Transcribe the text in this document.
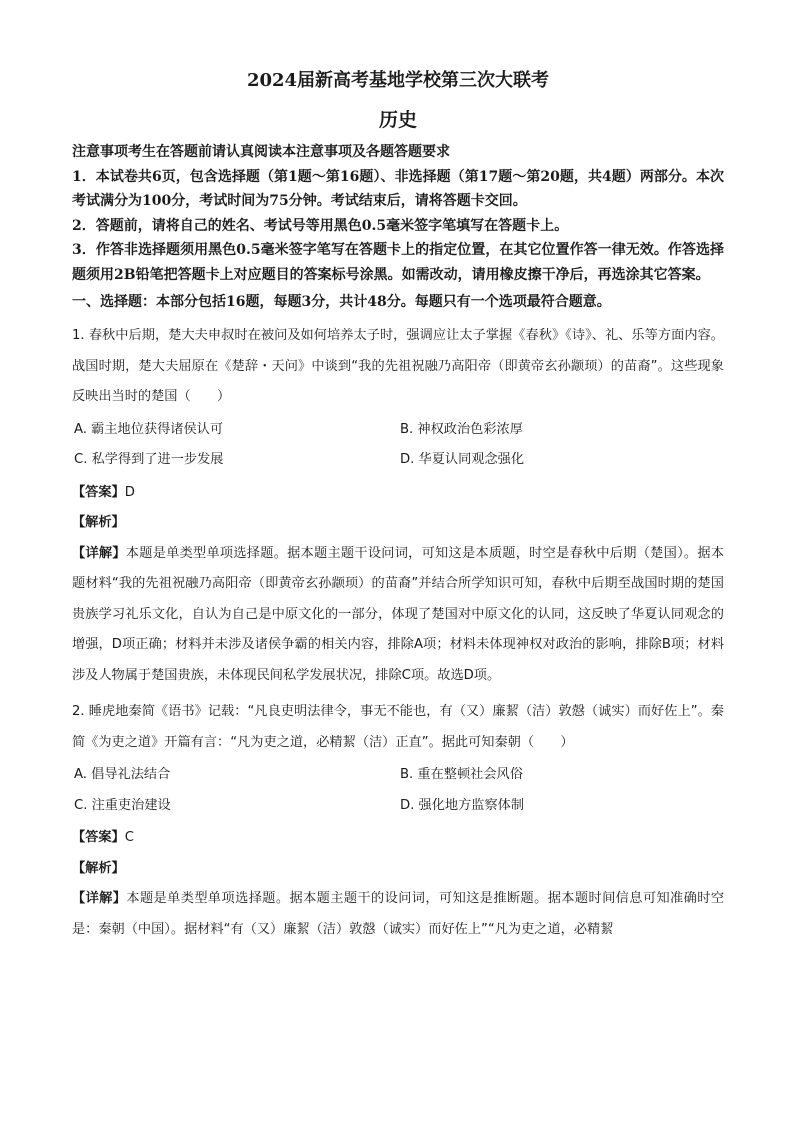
2024届新高考基地学校第三次大联考
历史

注意事项考生在答题前请认真阅读本注意事项及各题答题要求

1．本试卷共6页，包含选择题（第1题～第16题）、非选择题（第17题～第20题，共4题）两部分。本次考试满分为100分，考试时间为75分钟。考试结束后，请将答题卡交回。

2．答题前，请将自己的姓名、考试号等用黑色0.5毫米签字笔填写在答题卡上。

3．作答非选择题须用黑色0.5毫米签字笔写在答题卡上的指定位置，在其它位置作答一律无效。作答选择题须用2B铅笔把答题卡上对应题目的答案标号涂黑。如需改动，请用橡皮擦干净后，再选涂其它答案。

一、选择题：本部分包括16题，每题3分，共计48分。每题只有一个选项最符合题意。

1. 春秋中后期，楚大夫申叔时在被问及如何培养太子时，强调应让太子掌握《春秋》《诗》、礼、乐等方面内容。战国时期，楚大夫屈原在《楚辞・天问》中谈到“我的先祖祝融乃高阳帝（即黄帝玄孙颛顼）的苗裔”。这些现象反映出当时的楚国（　　）

A. 霸主地位获得诸侯认可	B. 神权政治色彩浓厚
C. 私学得到了进一步发展	D. 华夏认同观念强化

【答案】D

【解析】

【详解】本题是单类型单项选择题。据本题主题干设问词，可知这是本质题，时空是春秋中后期（楚国）。据本题材料“我的先祖祝融乃高阳帝（即黄帝玄孙颛顼）的苗裔”并结合所学知识可知，春秋中后期至战国时期的楚国贵族学习礼乐文化，自认为自己是中原文化的一部分，体现了楚国对中原文化的认同，这反映了华夏认同观念的增强，D项正确；材料并未涉及诸侯争霸的相关内容，排除A项；材料未体现神权对政治的影响，排除B项；材料涉及人物属于楚国贵族，未体现民间私学发展状况，排除C项。故选D项。

2. 睡虎地秦简《语书》记载：“凡良吏明法律令，事无不能也，有（又）廉絜（洁）敦慤（诚实）而好佐上”。秦简《为吏之道》开篇有言：“凡为吏之道，必精絜（洁）正直”。据此可知秦朝（　　）

A. 倡导礼法结合	B. 重在整顿社会风俗
C. 注重吏治建设	D. 强化地方监察体制

【答案】C

【解析】

【详解】本题是单类型单项选择题。据本题主题干的设问词，可知这是推断题。据本题时间信息可知准确时空是：秦朝（中国）。据材料“有（又）廉絜（洁）敦慤（诚实）而好佐上”“凡为吏之道，必精絜
